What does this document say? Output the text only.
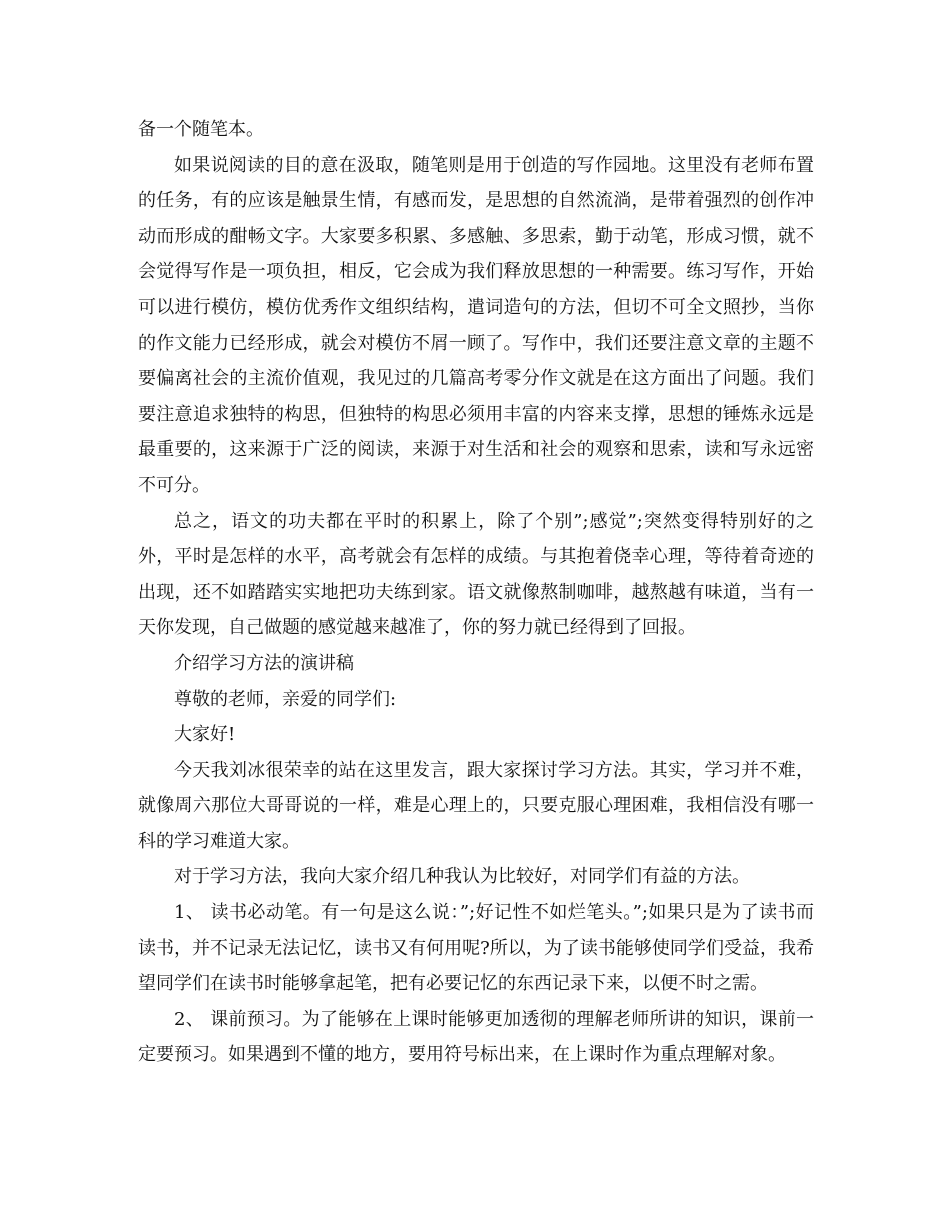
备一个随笔本。

如果说阅读的目的意在汲取，随笔则是用于创造的写作园地。这里没有老师布置的任务，有的应该是触景生情，有感而发，是思想的自然流淌，是带着强烈的创作冲动而形成的酣畅文字。大家要多积累、多感触、多思索，勤于动笔，形成习惯，就不会觉得写作是一项负担，相反，它会成为我们释放思想的一种需要。练习写作，开始可以进行模仿，模仿优秀作文组织结构，遣词造句的方法，但切不可全文照抄，当你的作文能力已经形成，就会对模仿不屑一顾了。写作中，我们还要注意文章的主题不要偏离社会的主流价值观，我见过的几篇高考零分作文就是在这方面出了问题。我们要注意追求独特的构思，但独特的构思必须用丰富的内容来支撑，思想的锤炼永远是最重要的，这来源于广泛的阅读，来源于对生活和社会的观察和思索，读和写永远密不可分。

总之，语文的功夫都在平时的积累上，除了个别”;感觉”;突然变得特别好的之外，平时是怎样的水平，高考就会有怎样的成绩。与其抱着侥幸心理，等待着奇迹的出现，还不如踏踏实实地把功夫练到家。语文就像熬制咖啡，越熬越有味道，当有一天你发现，自己做题的感觉越来越准了，你的努力就已经得到了回报。

介绍学习方法的演讲稿

尊敬的老师，亲爱的同学们:

大家好!

今天我刘冰很荣幸的站在这里发言，跟大家探讨学习方法。其实，学习并不难，就像周六那位大哥哥说的一样，难是心理上的，只要克服心理困难，我相信没有哪一科的学习难道大家。

对于学习方法，我向大家介绍几种我认为比较好，对同学们有益的方法。

1、 读书必动笔。有一句是这么说：”;好记性不如烂笔头。”;如果只是为了读书而读书，并不记录无法记忆，读书又有何用呢?所以，为了读书能够使同学们受益，我希望同学们在读书时能够拿起笔，把有必要记忆的东西记录下来，以便不时之需。

2、 课前预习。为了能够在上课时能够更加透彻的理解老师所讲的知识，课前一定要预习。如果遇到不懂的地方，要用符号标出来，在上课时作为重点理解对象。
